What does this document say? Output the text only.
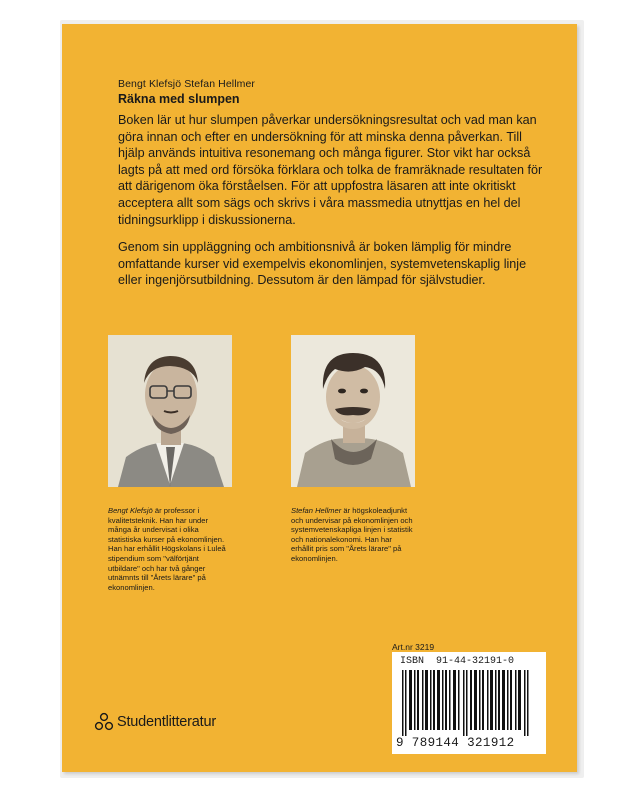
Bengt Klefsjö Stefan Hellmer
Räkna med slumpen

Boken lär ut hur slumpen påverkar undersökningsresultat och vad man kan göra innan och efter en undersökning för att minska denna påverkan. Till hjälp används intuitiva resonemang och många figurer. Stor vikt har också lagts på att med ord försöka förklara och tolka de framräknade resultaten för att därigenom öka förståelsen. För att uppfostra läsaren att inte okritiskt acceptera allt som sägs och skrivs i våra massmedia utnyttjas en hel del tidningsurklipp i diskussionerna.

Genom sin uppläggning och ambitionsnivå är boken lämplig för mindre omfattande kurser vid exempelvis ekonomlinjen, systemvetenskaplig linje eller ingenjörsutbildning. Dessutom är den lämpad för självstudier.

Bengt Klefsjö är professor i kvalitetsteknik. Han har under många år undervisat i olika statistiska kurser på ekonomlinjen. Han har erhållit Högskolans i Luleå stipendium som "välförtjänt utbildare" och har två gånger utnämnts till "Årets lärare" på ekonomlinjen.
Stefan Hellmer är högskoleadjunkt och undervisar på ekonomlinjen och systemvetenskapliga linjen i statistik och nationalekonomi. Han har erhållit pris som "Årets lärare" på ekonomlinjen.
Art.nr 3219
ISBN  91-44-32191-0
9 789144 321912
Studentlitteratur
